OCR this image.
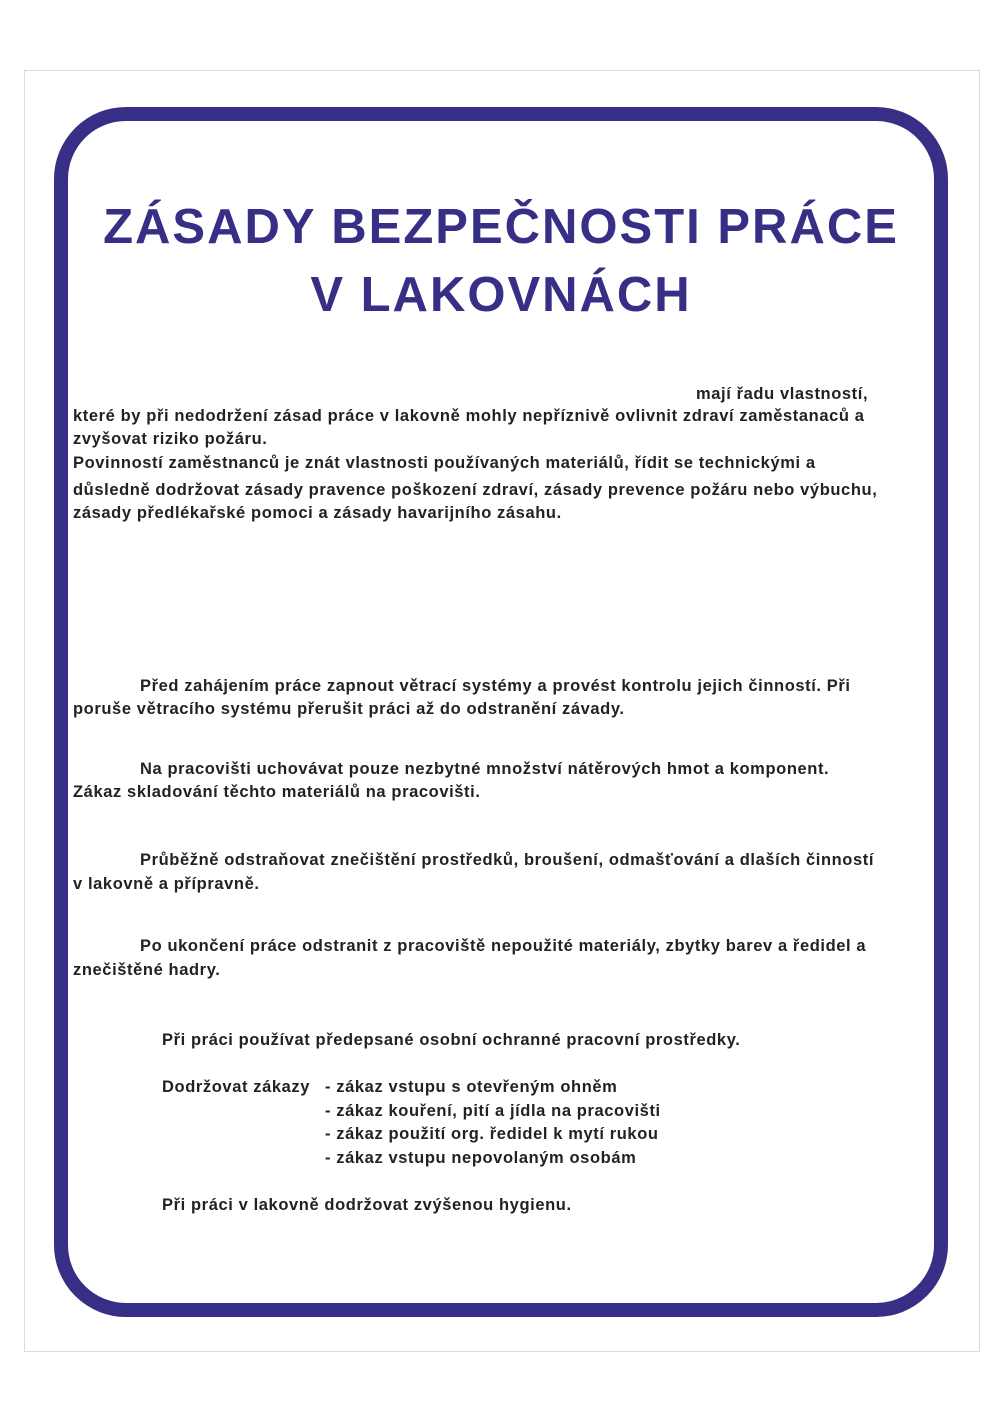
ZÁSADY BEZPEČNOSTI PRÁCE
V LAKOVNÁCH

mají řadu vlastností,

které by při nedodržení zásad práce v lakovně mohly nepříznivě ovlivnit zdraví zaměstanaců a

zvyšovat riziko požáru.

Povinností zaměstnanců je znát vlastnosti používaných materiálů, řídit se technickými a

důsledně dodržovat zásady pravence poškození zdraví, zásady prevence požáru nebo výbuchu,

zásady předlékařské pomoci a zásady havarijního zásahu.

Před zahájením práce zapnout větrací systémy a provést kontrolu jejich činností. Při

poruše větracího systému přerušit práci až do odstranění závady.

Na pracovišti uchovávat pouze nezbytné množství nátěrových hmot a komponent.

Zákaz skladování těchto materiálů na pracovišti.

Průběžně odstraňovat znečištění prostředků, broušení, odmašťování a dlaších činností

v lakovně a přípravně.

Po ukončení práce odstranit z pracoviště nepoužité materiály, zbytky barev a ředidel a

znečištěné hadry.

Při práci používat předepsané osobní ochranné pracovní prostředky.

Dodržovat zákazy - zákaz vstupu s otevřeným ohněm

- zákaz kouření, pití a jídla na pracovišti

- zákaz použití org. ředidel k mytí rukou

- zákaz vstupu nepovolaným osobám

Při práci v lakovně dodržovat zvýšenou hygienu.
